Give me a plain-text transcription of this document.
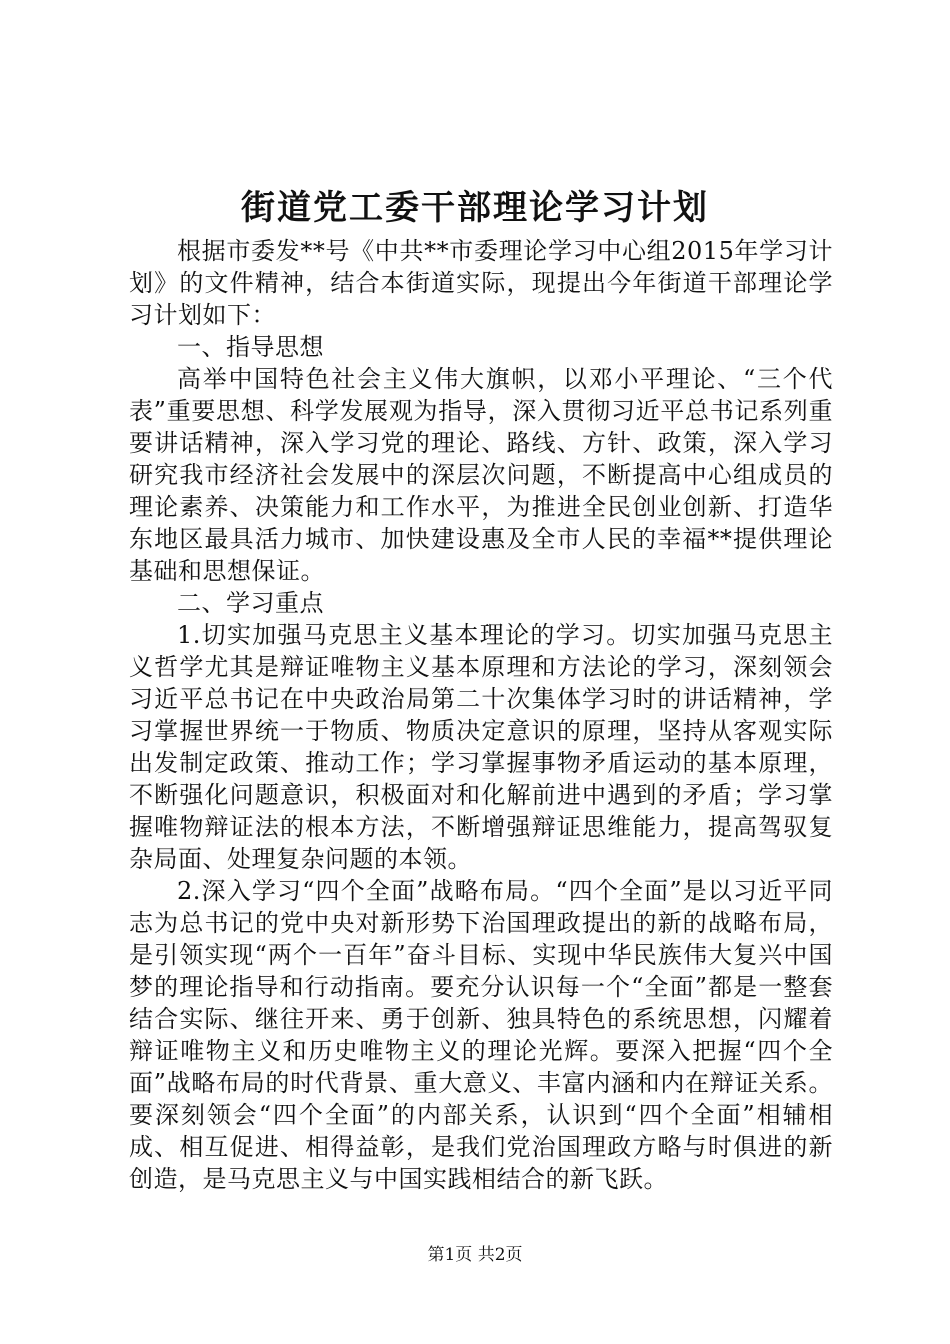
街道党工委干部理论学习计划

根据市委发**号《中共**市委理论学习中心组2015年学习计划》的文件精神，结合本街道实际，现提出今年街道干部理论学习计划如下：

一、指导思想

高举中国特色社会主义伟大旗帜，以邓小平理论、“三个代表”重要思想、科学发展观为指导，深入贯彻习近平总书记系列重要讲话精神，深入学习党的理论、路线、方针、政策，深入学习研究我市经济社会发展中的深层次问题，不断提高中心组成员的理论素养、决策能力和工作水平，为推进全民创业创新、打造华东地区最具活力城市、加快建设惠及全市人民的幸福**提供理论基础和思想保证。

二、学习重点

1.切实加强马克思主义基本理论的学习。切实加强马克思主义哲学尤其是辩证唯物主义基本原理和方法论的学习，深刻领会习近平总书记在中央政治局第二十次集体学习时的讲话精神，学习掌握世界统一于物质、物质决定意识的原理，坚持从客观实际出发制定政策、推动工作；学习掌握事物矛盾运动的基本原理，不断强化问题意识，积极面对和化解前进中遇到的矛盾；学习掌握唯物辩证法的根本方法，不断增强辩证思维能力，提高驾驭复杂局面、处理复杂问题的本领。

2.深入学习“四个全面”战略布局。“四个全面”是以习近平同志为总书记的党中央对新形势下治国理政提出的新的战略布局，是引领实现“两个一百年”奋斗目标、实现中华民族伟大复兴中国梦的理论指导和行动指南。要充分认识每一个“全面”都是一整套结合实际、继往开来、勇于创新、独具特色的系统思想，闪耀着辩证唯物主义和历史唯物主义的理论光辉。要深入把握“四个全面”战略布局的时代背景、重大意义、丰富内涵和内在辩证关系。要深刻领会“四个全面”的内部关系，认识到“四个全面”相辅相成、相互促进、相得益彰，是我们党治国理政方略与时俱进的新创造，是马克思主义与中国实践相结合的新飞跃。

第1页 共2页
